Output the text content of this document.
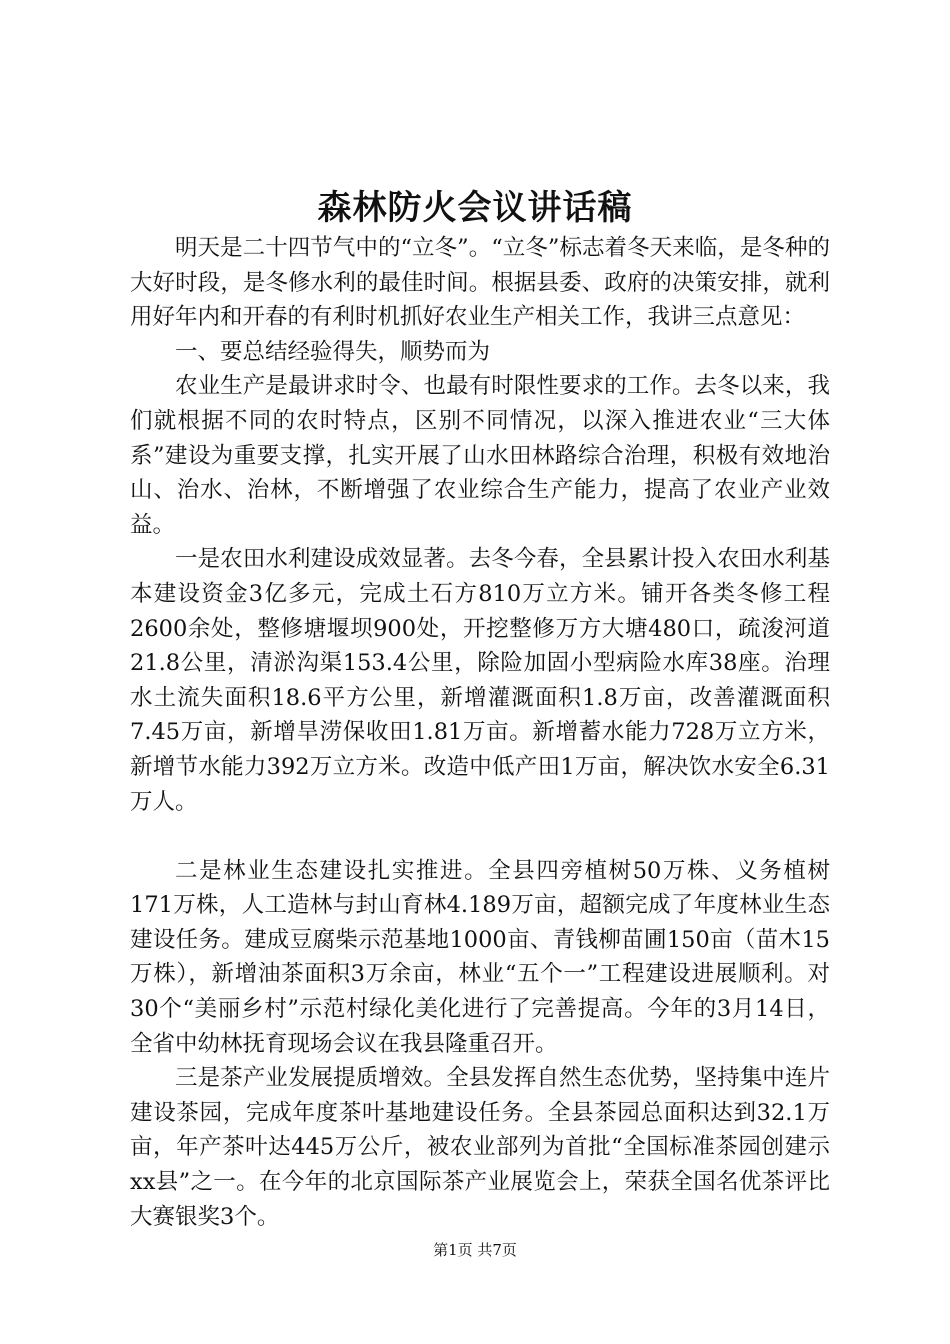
森林防火会议讲话稿

明天是二十四节气中的“立冬”。“立冬”标志着冬天来临，是冬种的大好时段，是冬修水利的最佳时间。根据县委、政府的决策安排，就利用好年内和开春的有利时机抓好农业生产相关工作，我讲三点意见：

一、要总结经验得失，顺势而为

农业生产是最讲求时令、也最有时限性要求的工作。去冬以来，我们就根据不同的农时特点，区别不同情况，以深入推进农业“三大体系”建设为重要支撑，扎实开展了山水田林路综合治理，积极有效地治山、治水、治林，不断增强了农业综合生产能力，提高了农业产业效益。

一是农田水利建设成效显著。去冬今春，全县累计投入农田水利基本建设资金3亿多元，完成土石方810万立方米。铺开各类冬修工程2600余处，整修塘堰坝900处，开挖整修万方大塘480口，疏浚河道21.8公里，清淤沟渠153.4公里，除险加固小型病险水库38座。治理水土流失面积18.6平方公里，新增灌溉面积1.8万亩，改善灌溉面积7.45万亩，新增旱涝保收田1.81万亩。新增蓄水能力728万立方米，新增节水能力392万立方米。改造中低产田1万亩，解决饮水安全6.31万人。

二是林业生态建设扎实推进。全县四旁植树50万株、义务植树171万株，人工造林与封山育林4.189万亩，超额完成了年度林业生态建设任务。建成豆腐柴示范基地1000亩、青钱柳苗圃150亩（苗木15万株），新增油茶面积3万余亩，林业“五个一”工程建设进展顺利。对30个“美丽乡村”示范村绿化美化进行了完善提高。今年的3月14日，全省中幼林抚育现场会议在我县隆重召开。

三是茶产业发展提质增效。全县发挥自然生态优势，坚持集中连片建设茶园，完成年度茶叶基地建设任务。全县茶园总面积达到32.1万亩，年产茶叶达445万公斤，被农业部列为首批“全国标准茶园创建示xx县”之一。在今年的北京国际茶产业展览会上，荣获全国名优茶评比大赛银奖3个。

第1页 共7页
